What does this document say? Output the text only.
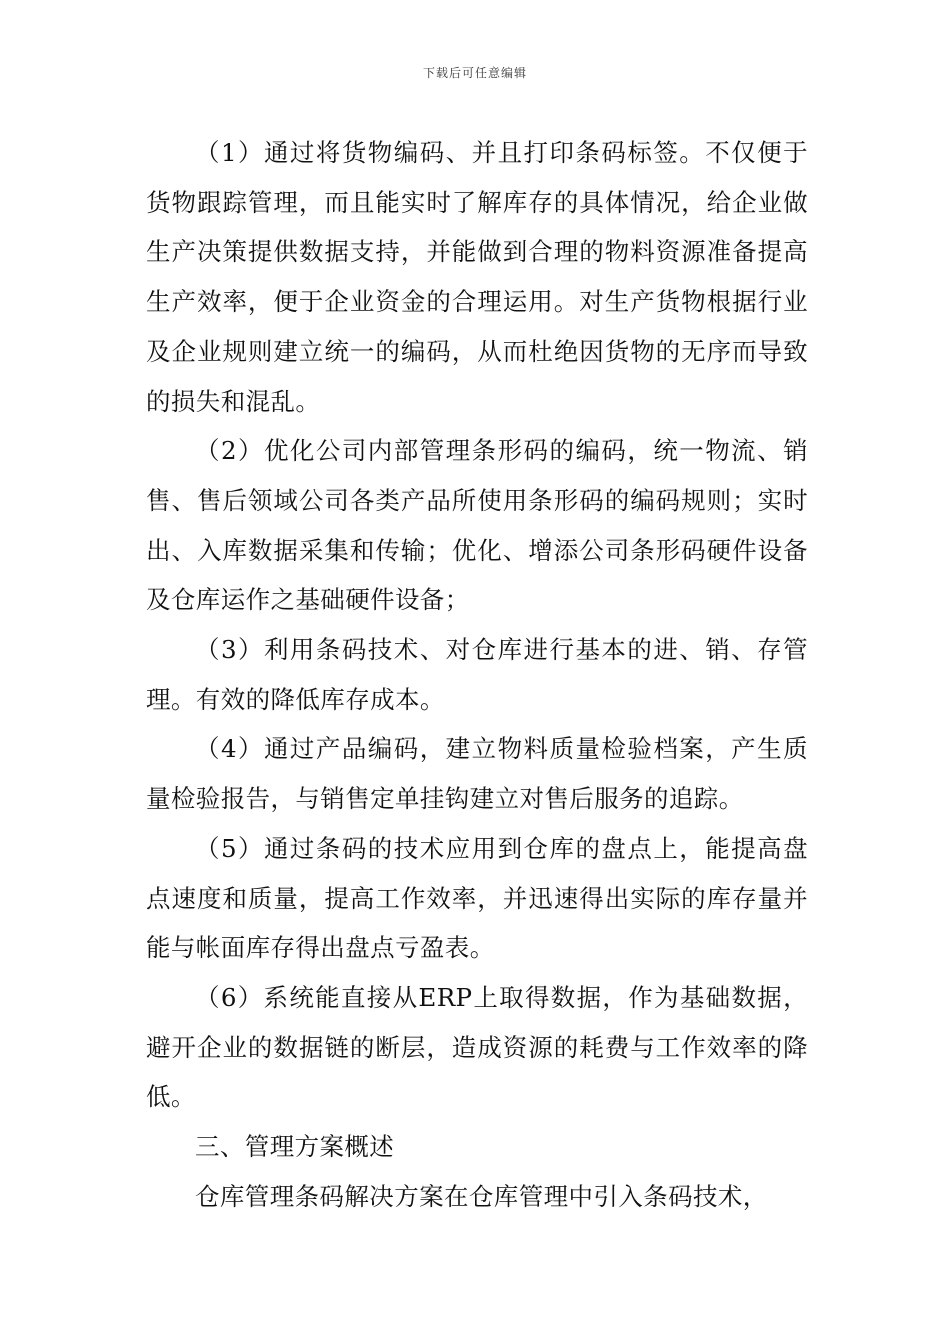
下载后可任意编辑

（1）通过将货物编码、并且打印条码标签。不仅便于货物跟踪管理，而且能实时了解库存的具体情况，给企业做生产决策提供数据支持，并能做到合理的物料资源准备提高生产效率，便于企业资金的合理运用。对生产货物根据行业及企业规则建立统一的编码，从而杜绝因货物的无序而导致的损失和混乱。

（2）优化公司内部管理条形码的编码，统一物流、销售、售后领域公司各类产品所使用条形码的编码规则；实时出、入库数据采集和传输；优化、增添公司条形码硬件设备及仓库运作之基础硬件设备；

（3）利用条码技术、对仓库进行基本的进、销、存管理。有效的降低库存成本。

（4）通过产品编码，建立物料质量检验档案，产生质量检验报告，与销售定单挂钩建立对售后服务的追踪。

（5）通过条码的技术应用到仓库的盘点上，能提高盘点速度和质量，提高工作效率，并迅速得出实际的库存量并能与帐面库存得出盘点亏盈表。

（6）系统能直接从ERP上取得数据，作为基础数据，避开企业的数据链的断层，造成资源的耗费与工作效率的降低。

三、管理方案概述

仓库管理条码解决方案在仓库管理中引入条码技术，
